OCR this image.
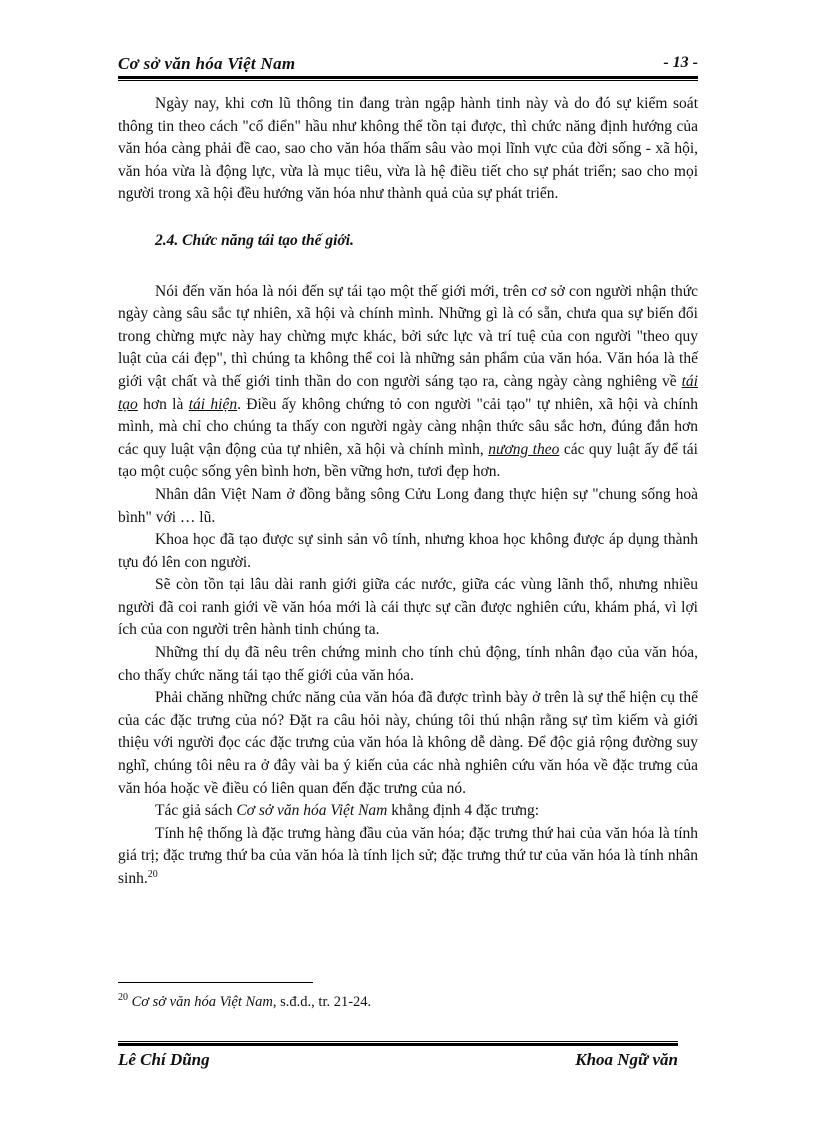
Cơ sở văn hóa Việt Nam	- 13 -

Ngày nay, khi cơn lũ thông tin đang tràn ngập hành tinh này và do đó sự kiểm soát thông tin theo cách "cổ điển" hầu như không thể tồn tại được, thì chức năng định hướng của văn hóa càng phải đề cao, sao cho văn hóa thấm sâu vào mọi lĩnh vực của đời sống - xã hội, văn hóa vừa là động lực, vừa là mục tiêu, vừa là hệ điều tiết cho sự phát triển; sao cho mọi người trong xã hội đều hướng văn hóa như thành quả của sự phát triển.

2.4. Chức năng tái tạo thế giới.

Nói đến văn hóa là nói đến sự tái tạo một thế giới mới, trên cơ sở con người nhận thức ngày càng sâu sắc tự nhiên, xã hội và chính mình. Những gì là có sẵn, chưa qua sự biến đổi trong chừng mực này hay chừng mực khác, bởi sức lực và trí tuệ của con người "theo quy luật của cái đẹp", thì chúng ta không thể coi là những sản phẩm của văn hóa. Văn hóa là thế giới vật chất và thế giới tinh thần do con người sáng tạo ra, càng ngày càng nghiêng về tái tạo hơn là tái hiện. Điều ấy không chứng tỏ con người "cải tạo" tự nhiên, xã hội và chính mình, mà chỉ cho chúng ta thấy con người ngày càng nhận thức sâu sắc hơn, đúng đắn hơn các quy luật vận động của tự nhiên, xã hội và chính mình, nương theo các quy luật ấy để tái tạo một cuộc sống yên bình hơn, bền vững hơn, tươi đẹp hơn.

Nhân dân Việt Nam ở đồng bằng sông Cửu Long đang thực hiện sự "chung sống hoà bình" với … lũ.

Khoa học đã tạo được sự sinh sản vô tính, nhưng khoa học không được áp dụng thành tựu đó lên con người.

Sẽ còn tồn tại lâu dài ranh giới giữa các nước, giữa các vùng lãnh thổ, nhưng nhiều người đã coi ranh giới về văn hóa mới là cái thực sự cần được nghiên cứu, khám phá, vì lợi ích của con người trên hành tinh chúng ta.

Những thí dụ đã nêu trên chứng minh cho tính chủ động, tính nhân đạo của văn hóa, cho thấy chức năng tái tạo thế giới của văn hóa.

Phải chăng những chức năng của văn hóa đã được trình bày ở trên là sự thể hiện cụ thể của các đặc trưng của nó? Đặt ra câu hỏi này, chúng tôi thú nhận rằng sự tìm kiếm và giới thiệu với người đọc các đặc trưng của văn hóa là không dễ dàng. Để độc giả rộng đường suy nghĩ, chúng tôi nêu ra ở đây vài ba ý kiến của các nhà nghiên cứu văn hóa về đặc trưng của văn hóa hoặc về điều có liên quan đến đặc trưng của nó.

Tác giả sách Cơ sở văn hóa Việt Nam khẳng định 4 đặc trưng:

Tính hệ thống là đặc trưng hàng đầu của văn hóa; đặc trưng thứ hai của văn hóa là tính giá trị; đặc trưng thứ ba của văn hóa là tính lịch sử; đặc trưng thứ tư của văn hóa là tính nhân sinh.$^{20}$

$^{20}$ Cơ sở văn hóa Việt Nam, s.đ.d., tr. 21-24.
Lê Chí Dũng	Khoa Ngữ văn
